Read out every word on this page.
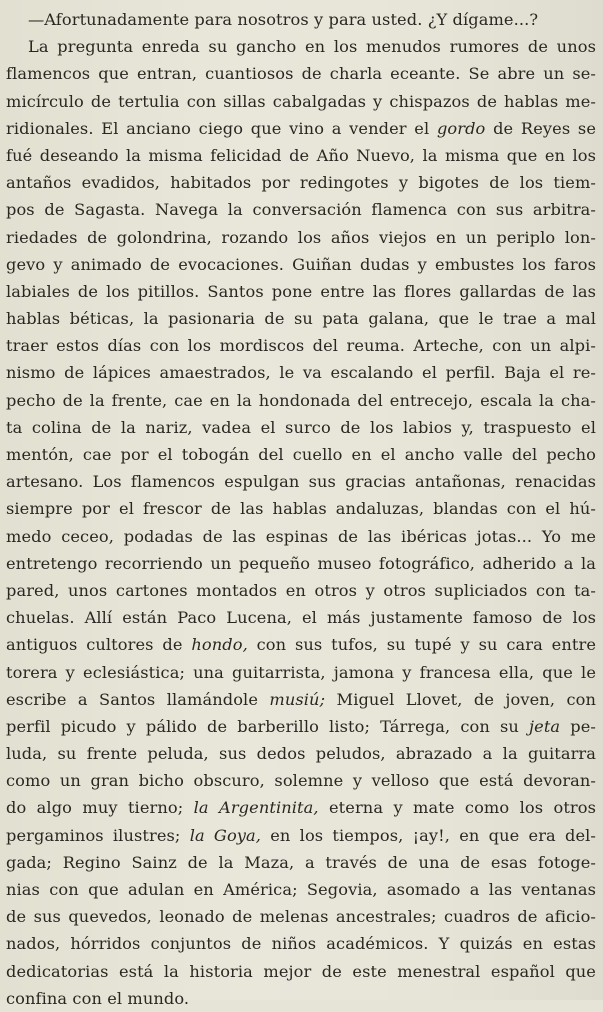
—Afortunadamente para nosotros y para usted. ¿Y dígame...?
La pregunta enreda su gancho en los menudos rumores de unos
flamencos que entran, cuantiosos de charla eceante. Se abre un se-
micírculo de tertulia con sillas cabalgadas y chispazos de hablas me-
ridionales. El anciano ciego que vino a vender el gordo de Reyes se
fué deseando la misma felicidad de Año Nuevo, la misma que en los
antaños evadidos, habitados por redingotes y bigotes de los tiem-
pos de Sagasta. Navega la conversación flamenca con sus arbitra-
riedades de golondrina, rozando los años viejos en un periplo lon-
gevo y animado de evocaciones. Guiñan dudas y embustes los faros
labiales de los pitillos. Santos pone entre las flores gallardas de las
hablas béticas, la pasionaria de su pata galana, que le trae a mal
traer estos días con los mordiscos del reuma. Arteche, con un alpi-
nismo de lápices amaestrados, le va escalando el perfil. Baja el re-
pecho de la frente, cae en la hondonada del entrecejo, escala la cha-
ta colina de la nariz, vadea el surco de los labios y, traspuesto el
mentón, cae por el tobogán del cuello en el ancho valle del pecho
artesano. Los flamencos espulgan sus gracias antañonas, renacidas
siempre por el frescor de las hablas andaluzas, blandas con el hú-
medo ceceo, podadas de las espinas de las ibéricas jotas... Yo me
entretengo recorriendo un pequeño museo fotográfico, adherido a la
pared, unos cartones montados en otros y otros supliciados con ta-
chuelas. Allí están Paco Lucena, el más justamente famoso de los
antiguos cultores de hondo, con sus tufos, su tupé y su cara entre
torera y eclesiástica; una guitarrista, jamona y francesa ella, que le
escribe a Santos llamándole musiú; Miguel Llovet, de joven, con
perfil picudo y pálido de barberillo listo; Tárrega, con su jeta pe-
luda, su frente peluda, sus dedos peludos, abrazado a la guitarra
como un gran bicho obscuro, solemne y velloso que está devoran-
do algo muy tierno; la Argentinita, eterna y mate como los otros
pergaminos ilustres; la Goya, en los tiempos, ¡ay!, en que era del-
gada; Regino Sainz de la Maza, a través de una de esas fotoge-
nias con que adulan en América; Segovia, asomado a las ventanas
de sus quevedos, leonado de melenas ancestrales; cuadros de aficio-
nados, hórridos conjuntos de niños académicos. Y quizás en estas
dedicatorias está la historia mejor de este menestral español que
confina con el mundo.
